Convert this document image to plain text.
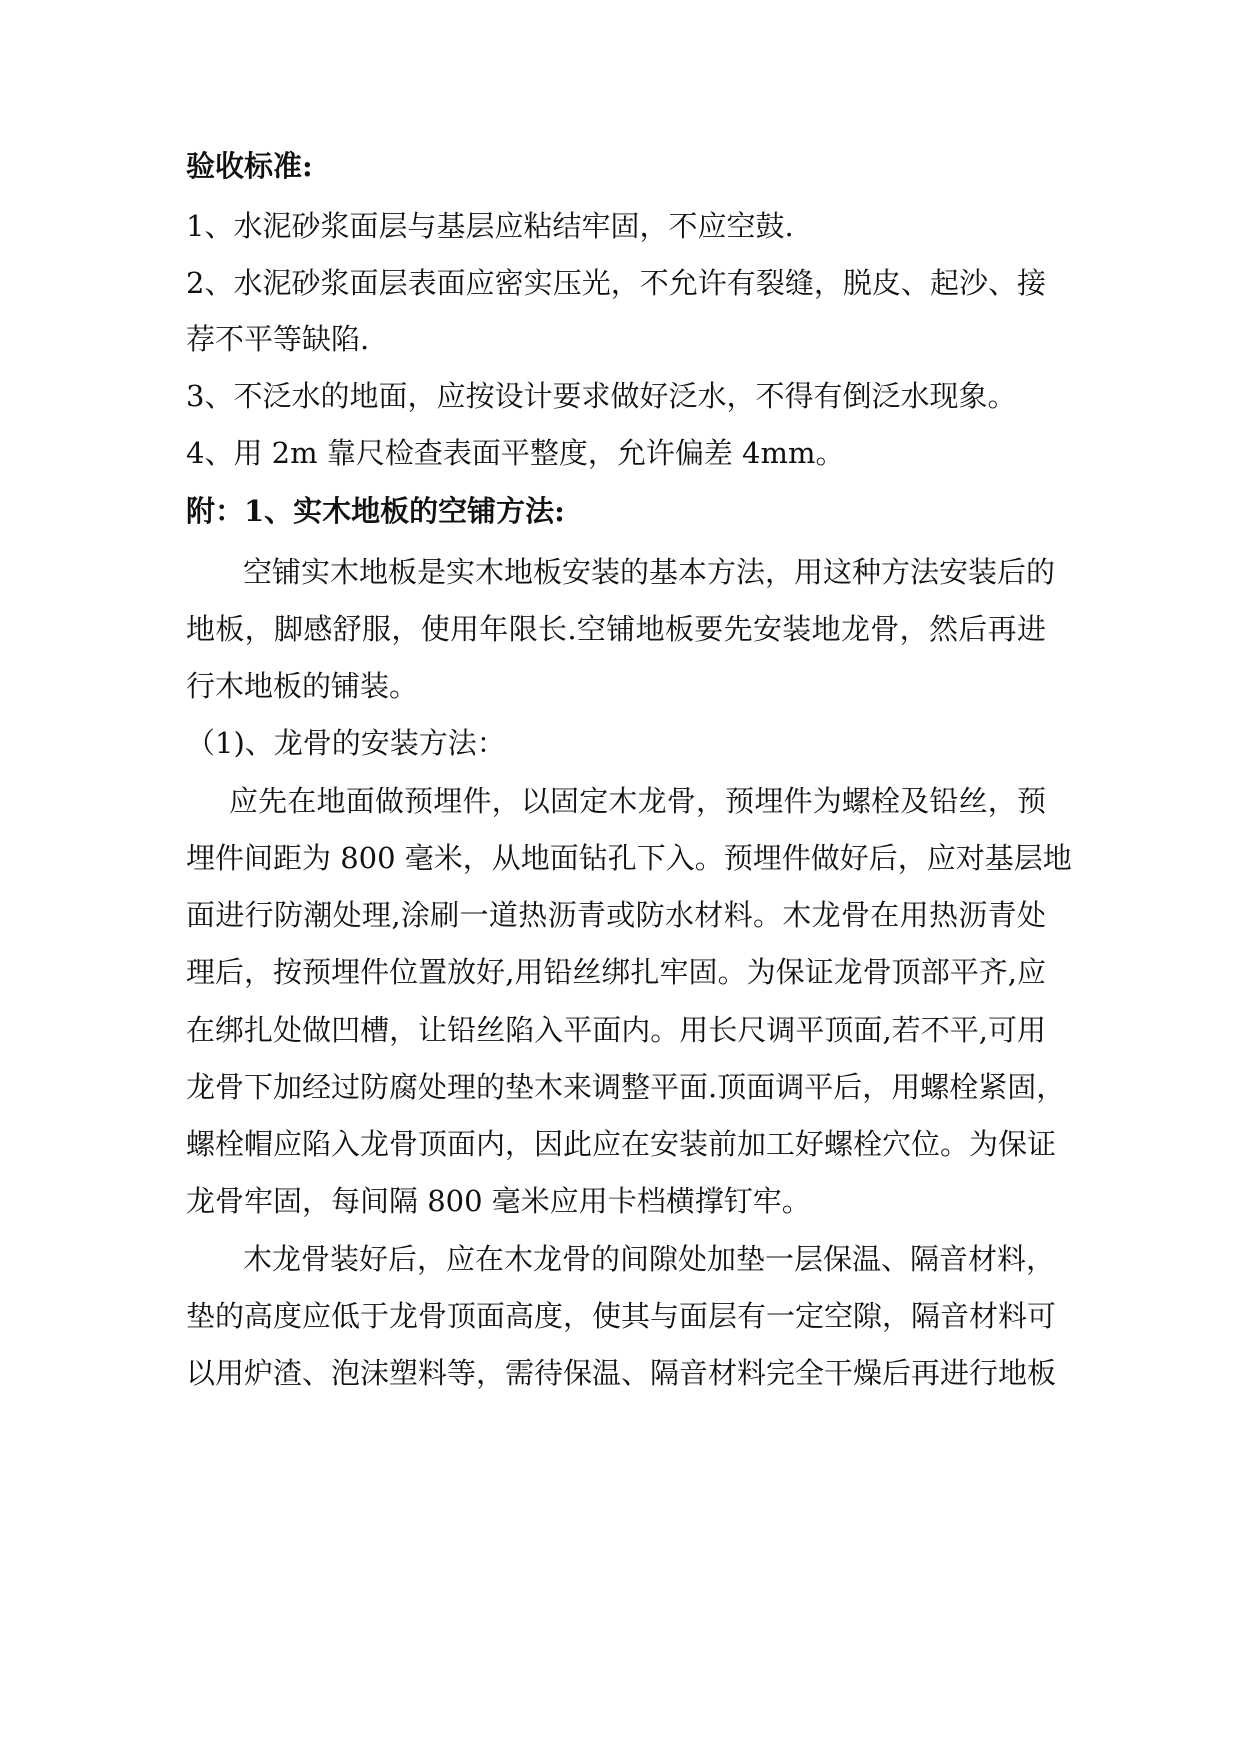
验收标准:
1、水泥砂浆面层与基层应粘结牢固，不应空鼓.
2、水泥砂浆面层表面应密实压光，不允许有裂缝，脱皮、起沙、接
荐不平等缺陷.
3、不泛水的地面，应按设计要求做好泛水，不得有倒泛水现象。
4、用 2m 靠尺检查表面平整度，允许偏差 4mm。
附：1、实木地板的空铺方法:
空铺实木地板是实木地板安装的基本方法，用这种方法安装后的
地板，脚感舒服，使用年限长.空铺地板要先安装地龙骨，然后再进
行木地板的铺装。
（1)、龙骨的安装方法：
应先在地面做预埋件，以固定木龙骨，预埋件为螺栓及铅丝，预
埋件间距为 800 毫米，从地面钻孔下入。预埋件做好后，应对基层地
面进行防潮处理,涂刷一道热沥青或防水材料。木龙骨在用热沥青处
理后，按预埋件位置放好,用铅丝绑扎牢固。为保证龙骨顶部平齐,应
在绑扎处做凹槽，让铅丝陷入平面内。用长尺调平顶面,若不平,可用
龙骨下加经过防腐处理的垫木来调整平面.顶面调平后，用螺栓紧固，
螺栓帽应陷入龙骨顶面内，因此应在安装前加工好螺栓穴位。为保证
龙骨牢固，每间隔 800 毫米应用卡档横撑钉牢。
木龙骨装好后，应在木龙骨的间隙处加垫一层保温、隔音材料，
垫的高度应低于龙骨顶面高度，使其与面层有一定空隙，隔音材料可
以用炉渣、泡沫塑料等，需待保温、隔音材料完全干燥后再进行地板
